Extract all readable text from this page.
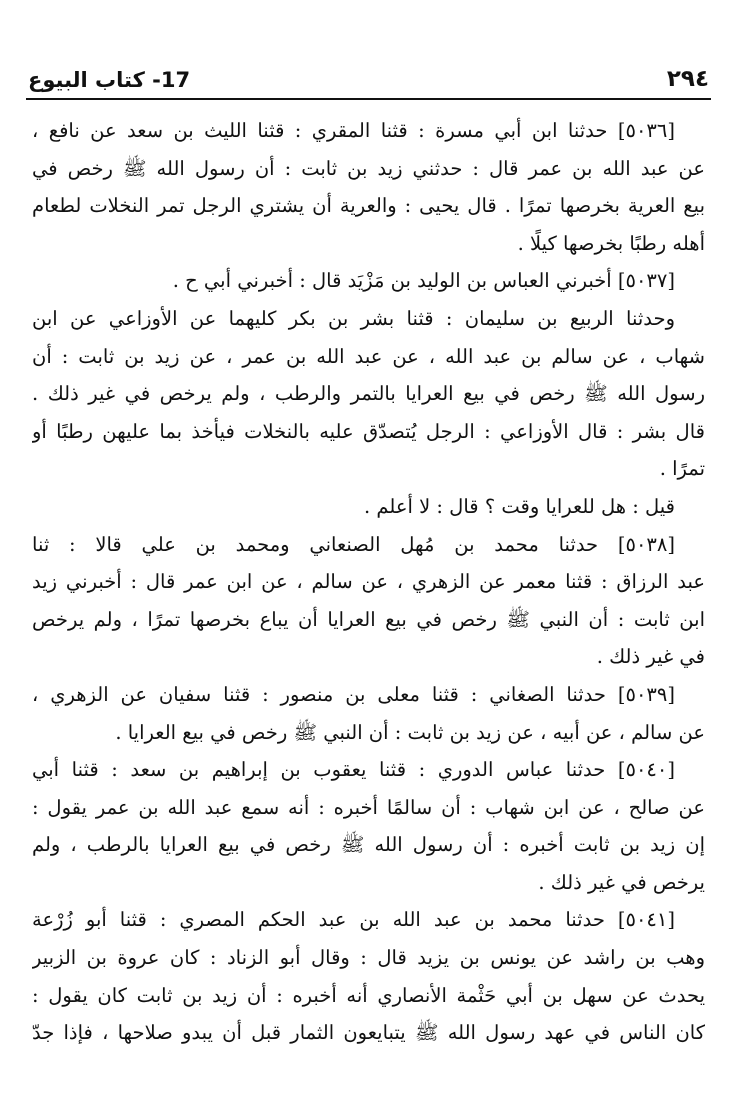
17- كتاب البيوع	٢٩٤
[٥٠٣٦] حدثنا ابن أبي مسرة : قثنا المقري : قثنا الليث بن سعد عن نافع ،
عن عبد الله بن عمر قال : حدثني زيد بن ثابت : أن رسول الله ﷺ رخص في
بيع العرية بخرصها تمرًا . قال يحيى : والعرية أن يشتري الرجل تمر النخلات لطعام
أهله رطبًا بخرصها كيلًا .
[٥٠٣٧] أخبرني العباس بن الوليد بن مَزْيَد قال : أخبرني أبي ح .
وحدثنا الربيع بن سليمان : قثنا بشر بن بكر كليهما عن الأوزاعي عن ابن
شهاب ، عن سالم بن عبد الله ، عن عبد الله بن عمر ، عن زيد بن ثابت : أن
رسول الله ﷺ رخص في بيع العرايا بالتمر والرطب ، ولم يرخص في غير ذلك .
قال بشر : قال الأوزاعي : الرجل يُتصدّق عليه بالنخلات فيأخذ بما عليهن رطبًا أو
تمرًا .
قيل : هل للعرايا وقت ؟ قال : لا أعلم .
[٥٠٣٨] حدثنا محمد بن مُهل الصنعاني ومحمد بن علي قالا : ثنا
عبد الرزاق : قثنا معمر عن الزهري ، عن سالم ، عن ابن عمر قال : أخبرني زيد
ابن ثابت : أن النبي ﷺ رخص في بيع العرايا أن يباع بخرصها تمرًا ، ولم يرخص
في غير ذلك .
[٥٠٣٩] حدثنا الصغاني : قثنا معلى بن منصور : قثنا سفيان عن الزهري ،
عن سالم ، عن أبيه ، عن زيد بن ثابت : أن النبي ﷺ رخص في بيع العرايا .
[٥٠٤٠] حدثنا عباس الدوري : قثنا يعقوب بن إبراهيم بن سعد : قثنا أبي
عن صالح ، عن ابن شهاب : أن سالمًا أخبره : أنه سمع عبد الله بن عمر يقول :
إن زيد بن ثابت أخبره : أن رسول الله ﷺ رخص في بيع العرايا بالرطب ، ولم
يرخص في غير ذلك .
[٥٠٤١] حدثنا محمد بن عبد الله بن عبد الحكم المصري : قثنا أبو زُرْعة
وهب بن راشد عن يونس بن يزيد قال : وقال أبو الزناد : كان عروة بن الزبير
يحدث عن سهل بن أبي حَثْمة الأنصاري أنه أخبره : أن زيد بن ثابت كان يقول :
كان الناس في عهد رسول الله ﷺ يتبايعون الثمار قبل أن يبدو صلاحها ، فإذا جدّ
